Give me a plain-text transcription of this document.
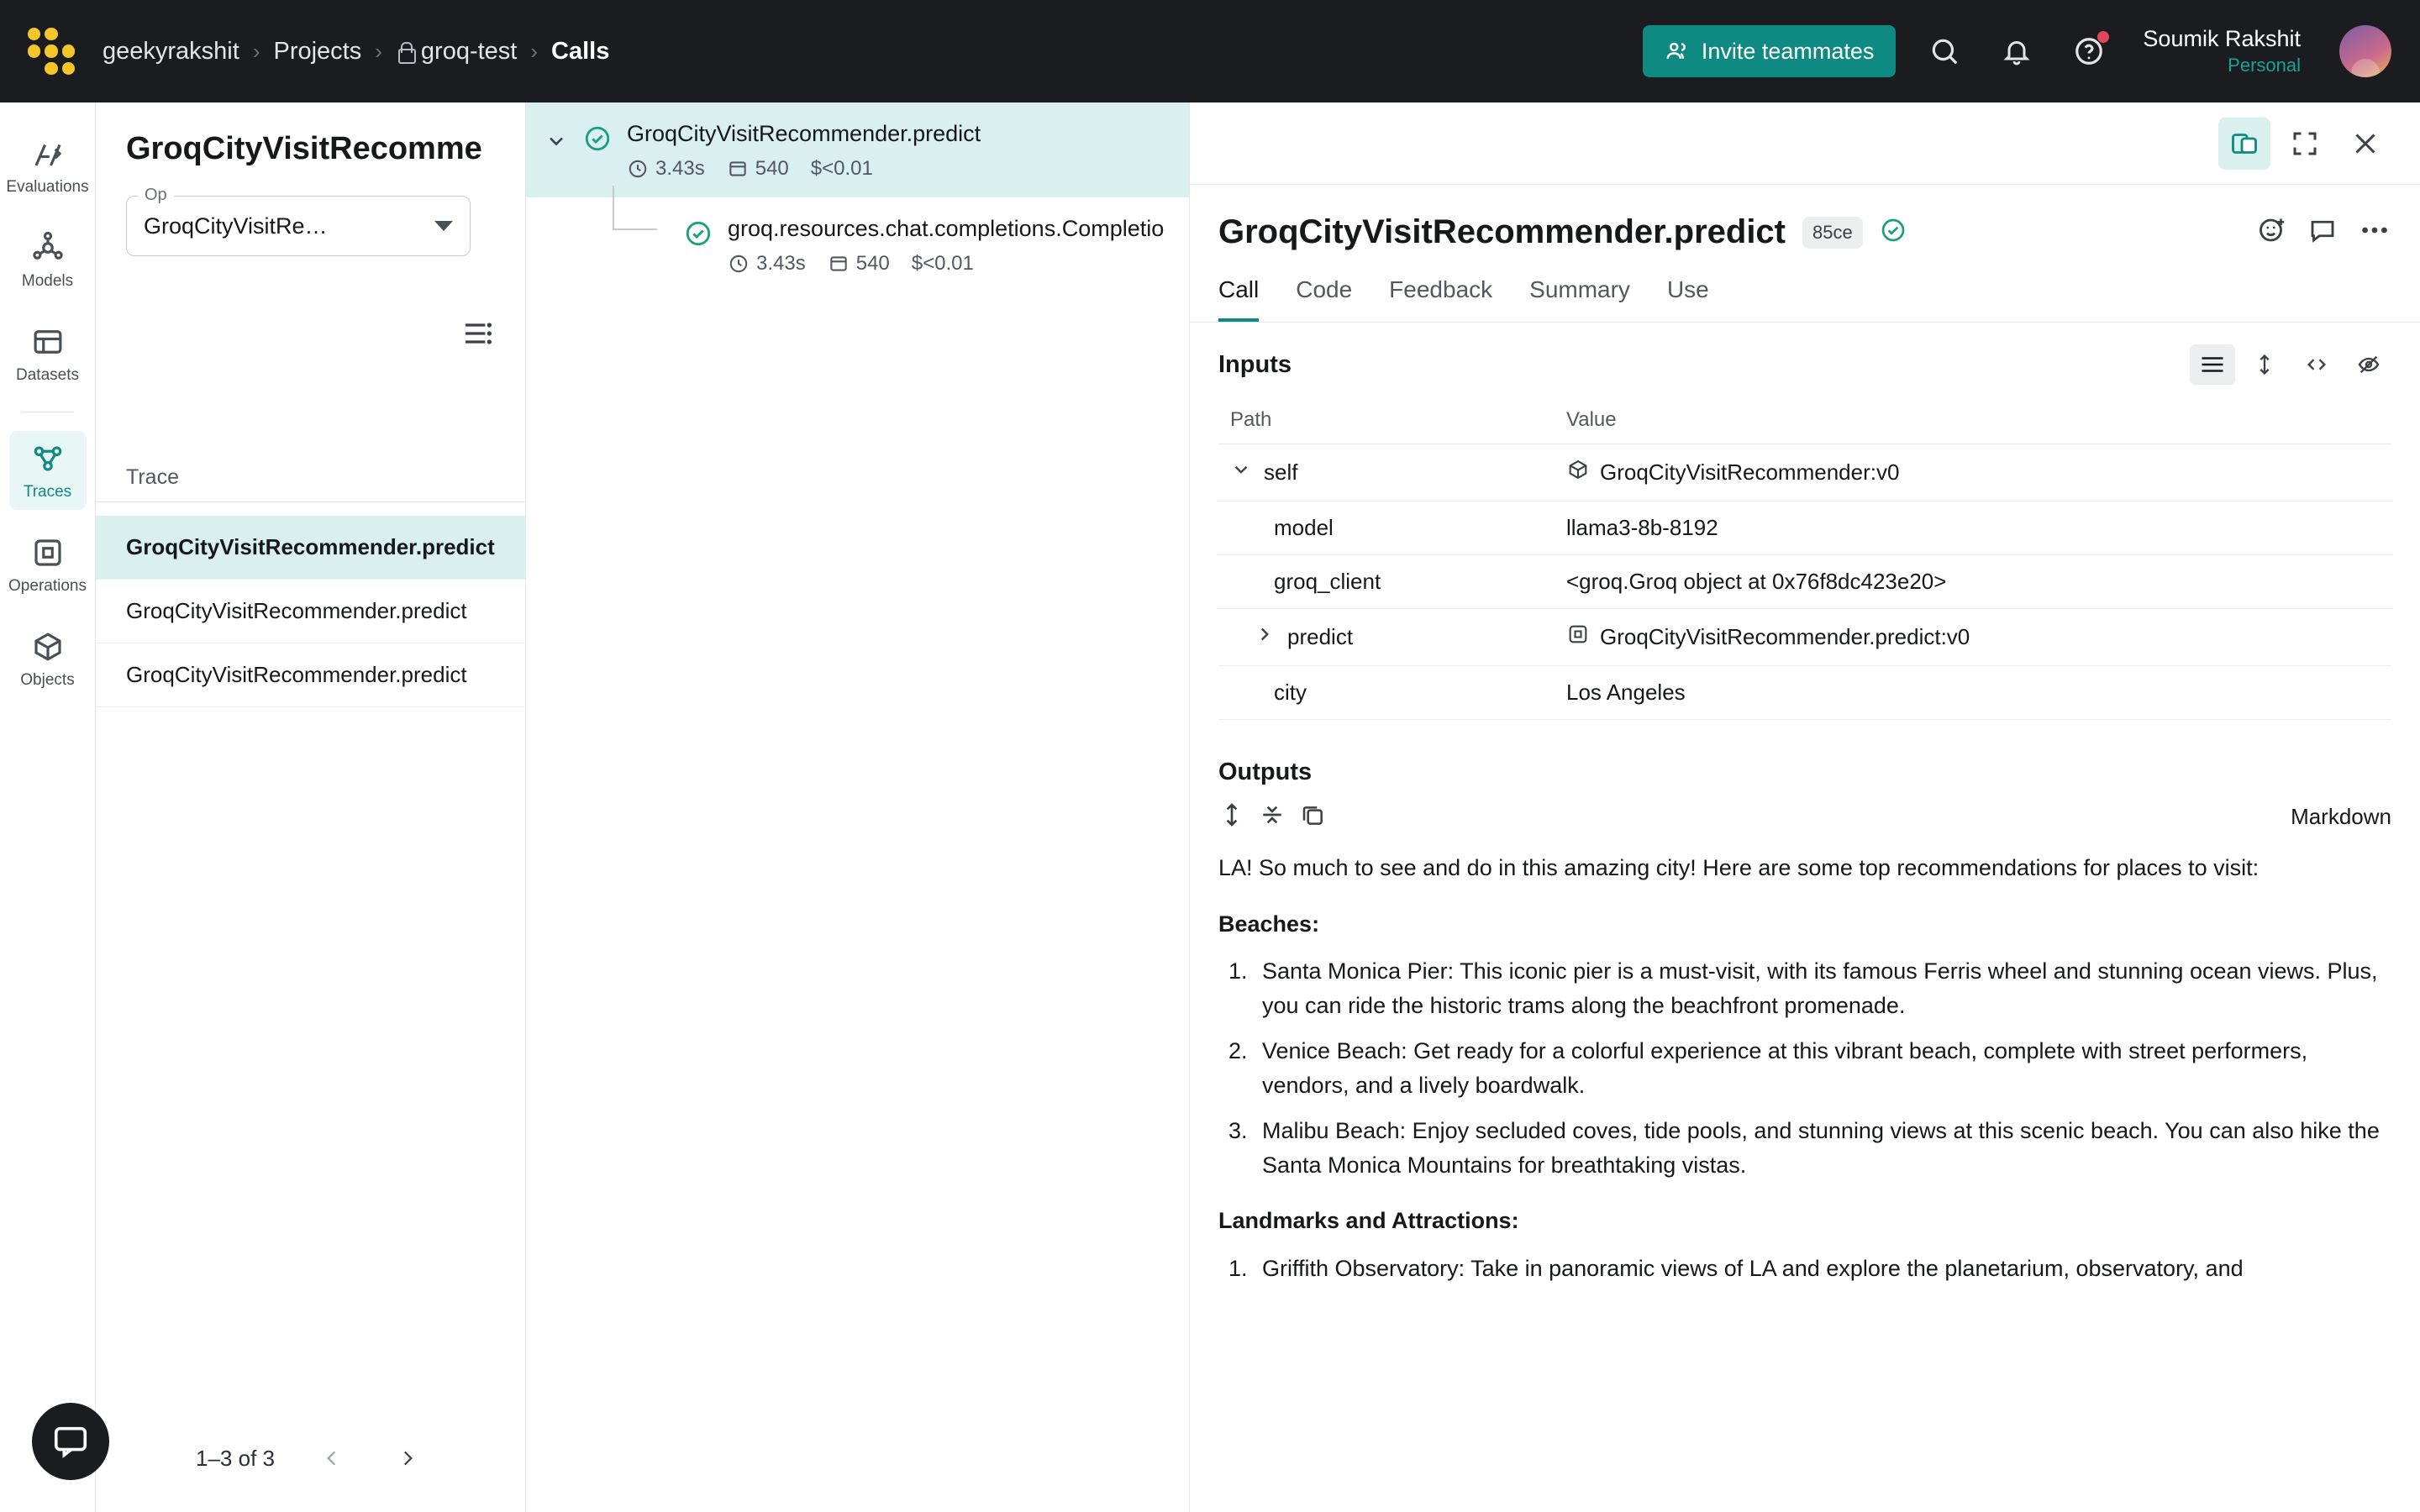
geekyrakshit › Projects ›	groq-test › Calls	Invite teammates	Soumik Rakshit
Personal
Evaluations
Models
Datasets
Traces
Operations
Objects
GroqCityVisitRecomme
Op
GroqCityVisitRe…
Trace
GroqCityVisitRecommender.predict
GroqCityVisitRecommender.predict
GroqCityVisitRecommender.predict
1–3 of 3
GroqCityVisitRecommender.predict
3.43s	540 $<0.01
groq.resources.chat.completions.Completio
3.43s	540 $<0.01
GroqCityVisitRecommender.predict	85ce
Call Code Feedback Summary Use
Inputs
Path	Value

self	GroqCityVisitRecommender:v0

model	llama3-8b-8192

groq_client	<groq.Groq object at 0x76f8dc423e20>

predict	GroqCityVisitRecommender.predict:v0

city	Los Angeles
Outputs
Markdown

LA! So much to see and do in this amazing city! Here are some top recommendations for places to visit:

Beaches:
1. Santa Monica Pier: This iconic pier is a must-visit, with its famous Ferris wheel and stunning ocean views. Plus, you can ride the historic trams along the beachfront promenade.
2. Venice Beach: Get ready for a colorful experience at this vibrant beach, complete with street performers, vendors, and a lively boardwalk.
3. Malibu Beach: Enjoy secluded coves, tide pools, and stunning views at this scenic beach. You can also hike the Santa Monica Mountains for breathtaking vistas.
Landmarks and Attractions:
1. Griffith Observatory: Take in panoramic views of LA and explore the planetarium, observatory, and
